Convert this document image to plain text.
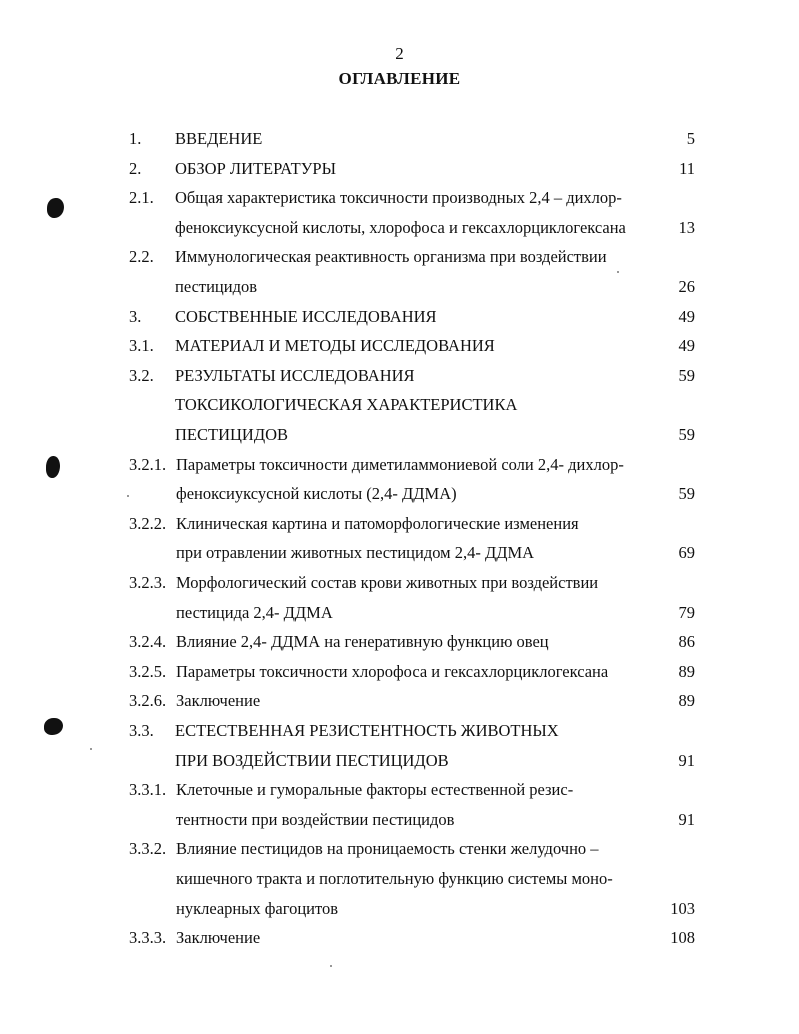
2
ОГЛАВЛЕНИЕ
1. ВВЕДЕНИЕ	5
2. ОБЗОР ЛИТЕРАТУРЫ	11
2.1. Общая характеристика токсичности производных 2,4 – дихлор-
феноксиуксусной кислоты, хлорофоса и гексахлорциклогексана	13
2.2. Иммунологическая реактивность организма при воздействии
пестицидов	26
3. СОБСТВЕННЫЕ ИССЛЕДОВАНИЯ	49
3.1. МАТЕРИАЛ И МЕТОДЫ ИССЛЕДОВАНИЯ	49
3.2. РЕЗУЛЬТАТЫ ИССЛЕДОВАНИЯ	59
ТОКСИКОЛОГИЧЕСКАЯ ХАРАКТЕРИСТИКА
ПЕСТИЦИДОВ	59
3.2.1. Параметры токсичности диметиламмониевой соли 2,4- дихлор-
феноксиуксусной кислоты (2,4- ДДМА)	59
3.2.2. Клиническая картина и патоморфологические изменения
при отравлении животных пестицидом 2,4- ДДМА	69
3.2.3. Морфологический состав крови животных при воздействии
пестицида 2,4- ДДМА	79
3.2.4. Влияние 2,4- ДДМА на генеративную функцию овец	86
3.2.5. Параметры токсичности хлорофоса и гексахлорциклогексана	89
3.2.6. Заключение	89
3.3. ЕСТЕСТВЕННАЯ РЕЗИСТЕНТНОСТЬ ЖИВОТНЫХ
ПРИ ВОЗДЕЙСТВИИ ПЕСТИЦИДОВ	91
3.3.1. Клеточные и гуморальные факторы естественной резис-
тентности при воздействии пестицидов	91
3.3.2. Влияние пестицидов на проницаемость стенки желудочно –
кишечного тракта и поглотительную функцию системы моно-
нуклеарных фагоцитов	103
3.3.3. Заключение	108
